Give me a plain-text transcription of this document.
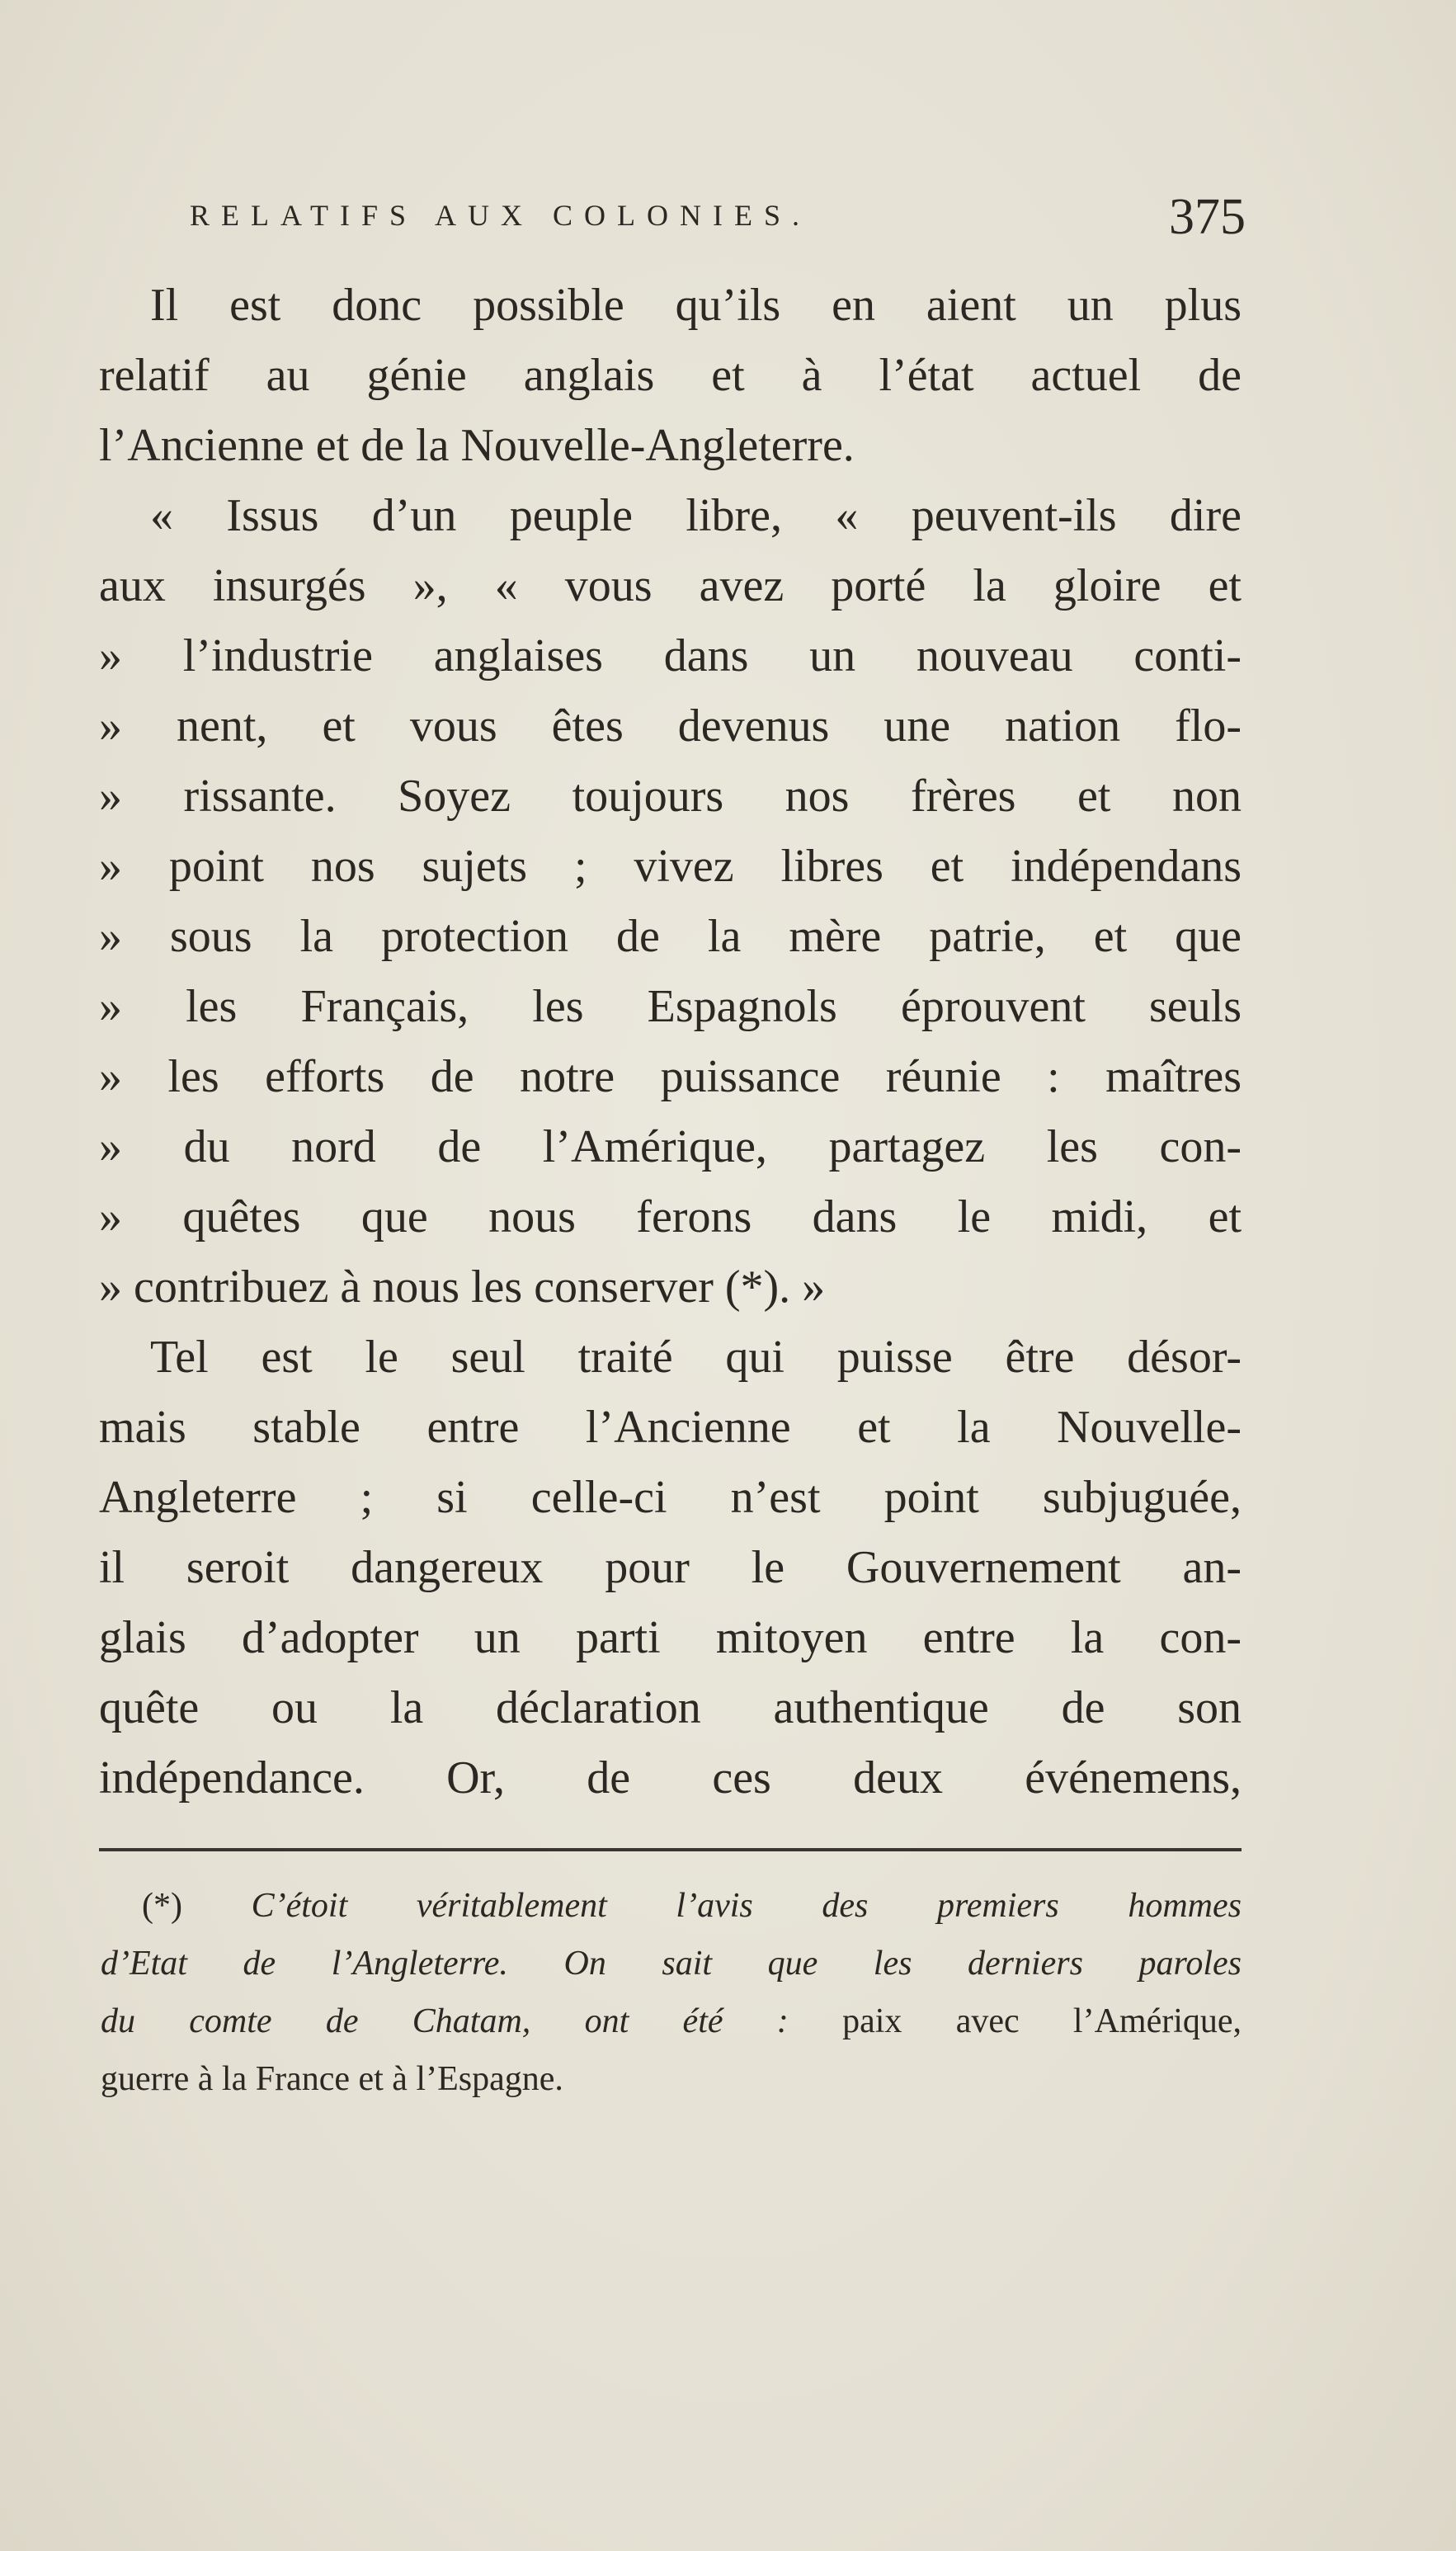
RELATIFS AUX COLONIES.	375
Il est donc possible qu’ils en aient un plus
relatif au génie anglais et à l’état actuel de
l’Ancienne et de la Nouvelle-Angleterre.
« Issus d’un peuple libre, « peuvent-ils dire
aux insurgés », « vous avez porté la gloire et
» l’industrie anglaises dans un nouveau conti-
» nent, et vous êtes devenus une nation flo-
» rissante. Soyez toujours nos frères et non
» point nos sujets ; vivez libres et indépendans
» sous la protection de la mère patrie, et que
» les Français, les Espagnols éprouvent seuls
» les efforts de notre puissance réunie : maîtres
» du nord de l’Amérique, partagez les con-
» quêtes que nous ferons dans le midi, et
» contribuez à nous les conserver (*). »
Tel est le seul traité qui puisse être désor-
mais stable entre l’Ancienne et la Nouvelle-
Angleterre ; si celle-ci n’est point subjuguée,
il seroit dangereux pour le Gouvernement an-
glais d’adopter un parti mitoyen entre la con-
quête ou la déclaration authentique de son
indépendance. Or, de ces deux événemens,
(*) C’étoit véritablement l’avis des premiers hommes
d’Etat de l’Angleterre. On sait que les derniers paroles
du comte de Chatam, ont été : paix avec l’Amérique,
guerre à la France et à l’Espagne.
